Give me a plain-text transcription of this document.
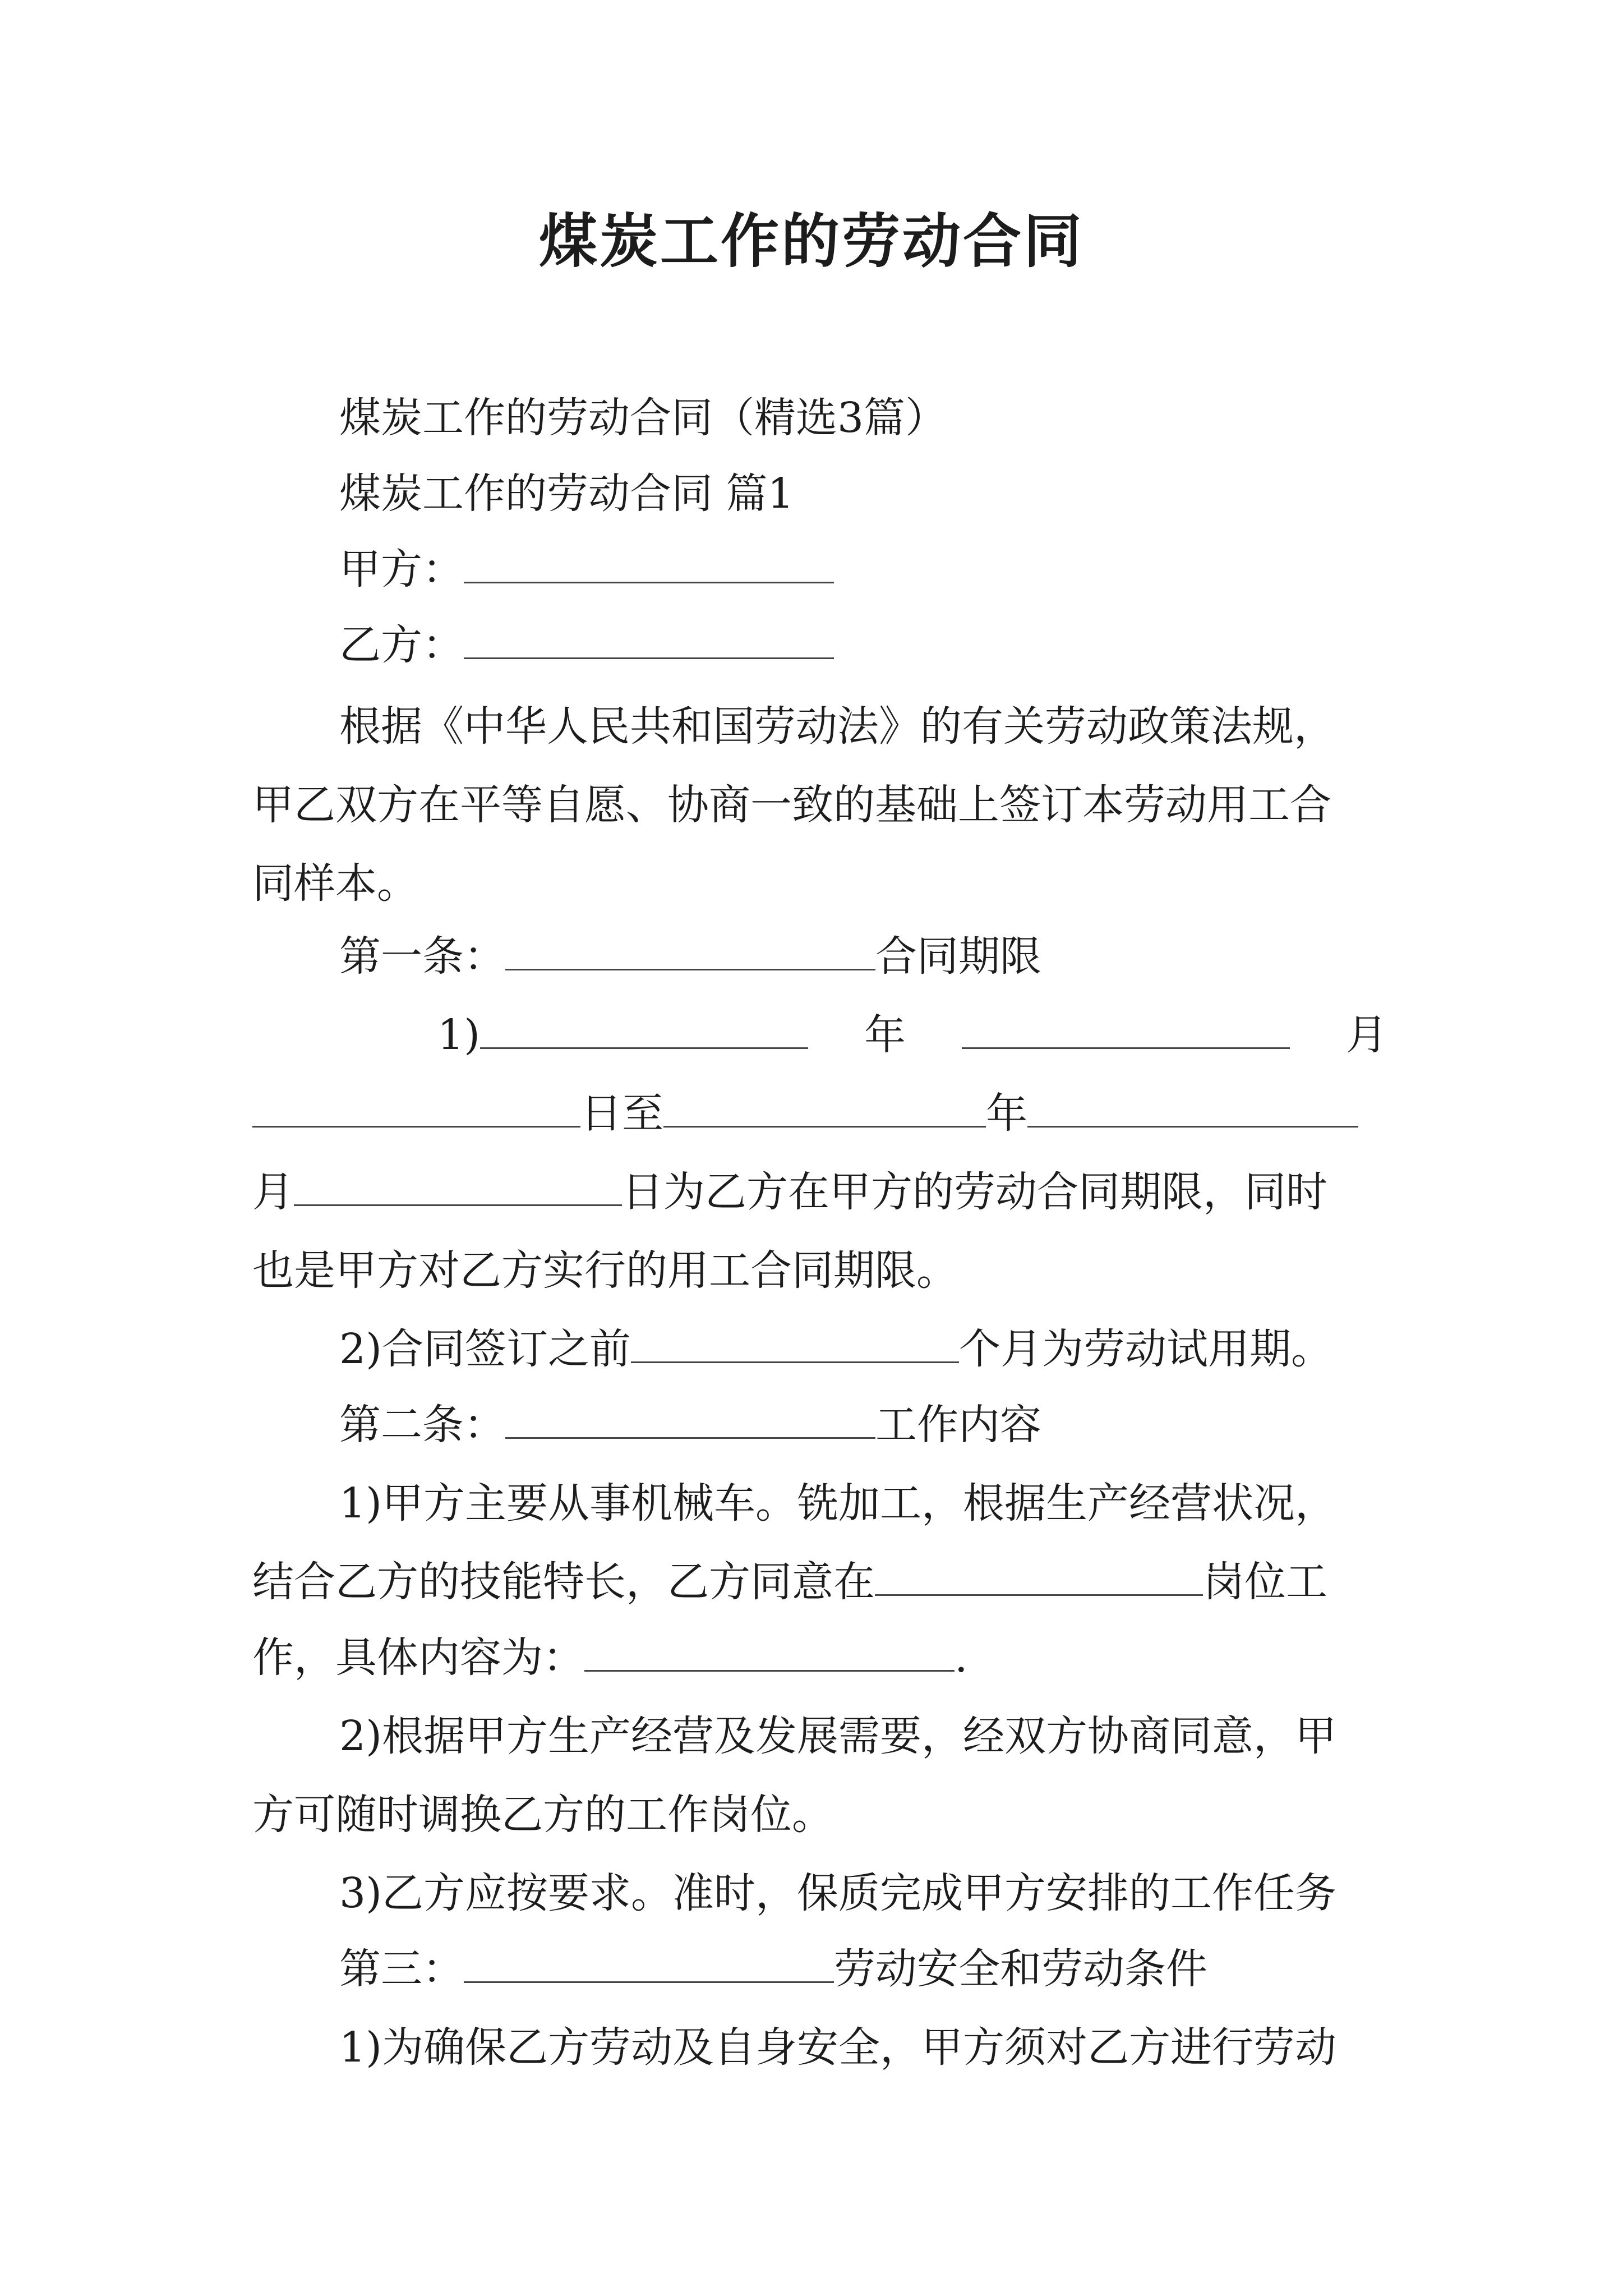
煤炭工作的劳动合同
煤炭工作的劳动合同（精选3篇）
煤炭工作的劳动合同 篇1
甲方：
乙方：
根据《中华人民共和国劳动法》的有关劳动政策法规，
甲乙双方在平等自愿、协商一致的基础上签订本劳动用工合
同样本。
第一条：	合同期限
1)	年	月
日至	年
月	日为乙方在甲方的劳动合同期限，同时
也是甲方对乙方实行的用工合同期限。
2)合同签订之前	个月为劳动试用期。
第二条：	工作内容
1)甲方主要从事机械车。铣加工，根据生产经营状况，
结合乙方的技能特长，乙方同意在	岗位工
作，具体内容为：	.
2)根据甲方生产经营及发展需要，经双方协商同意，甲
方可随时调换乙方的工作岗位。
3)乙方应按要求。准时，保质完成甲方安排的工作任务
第三：	劳动安全和劳动条件
1)为确保乙方劳动及自身安全，甲方须对乙方进行劳动
